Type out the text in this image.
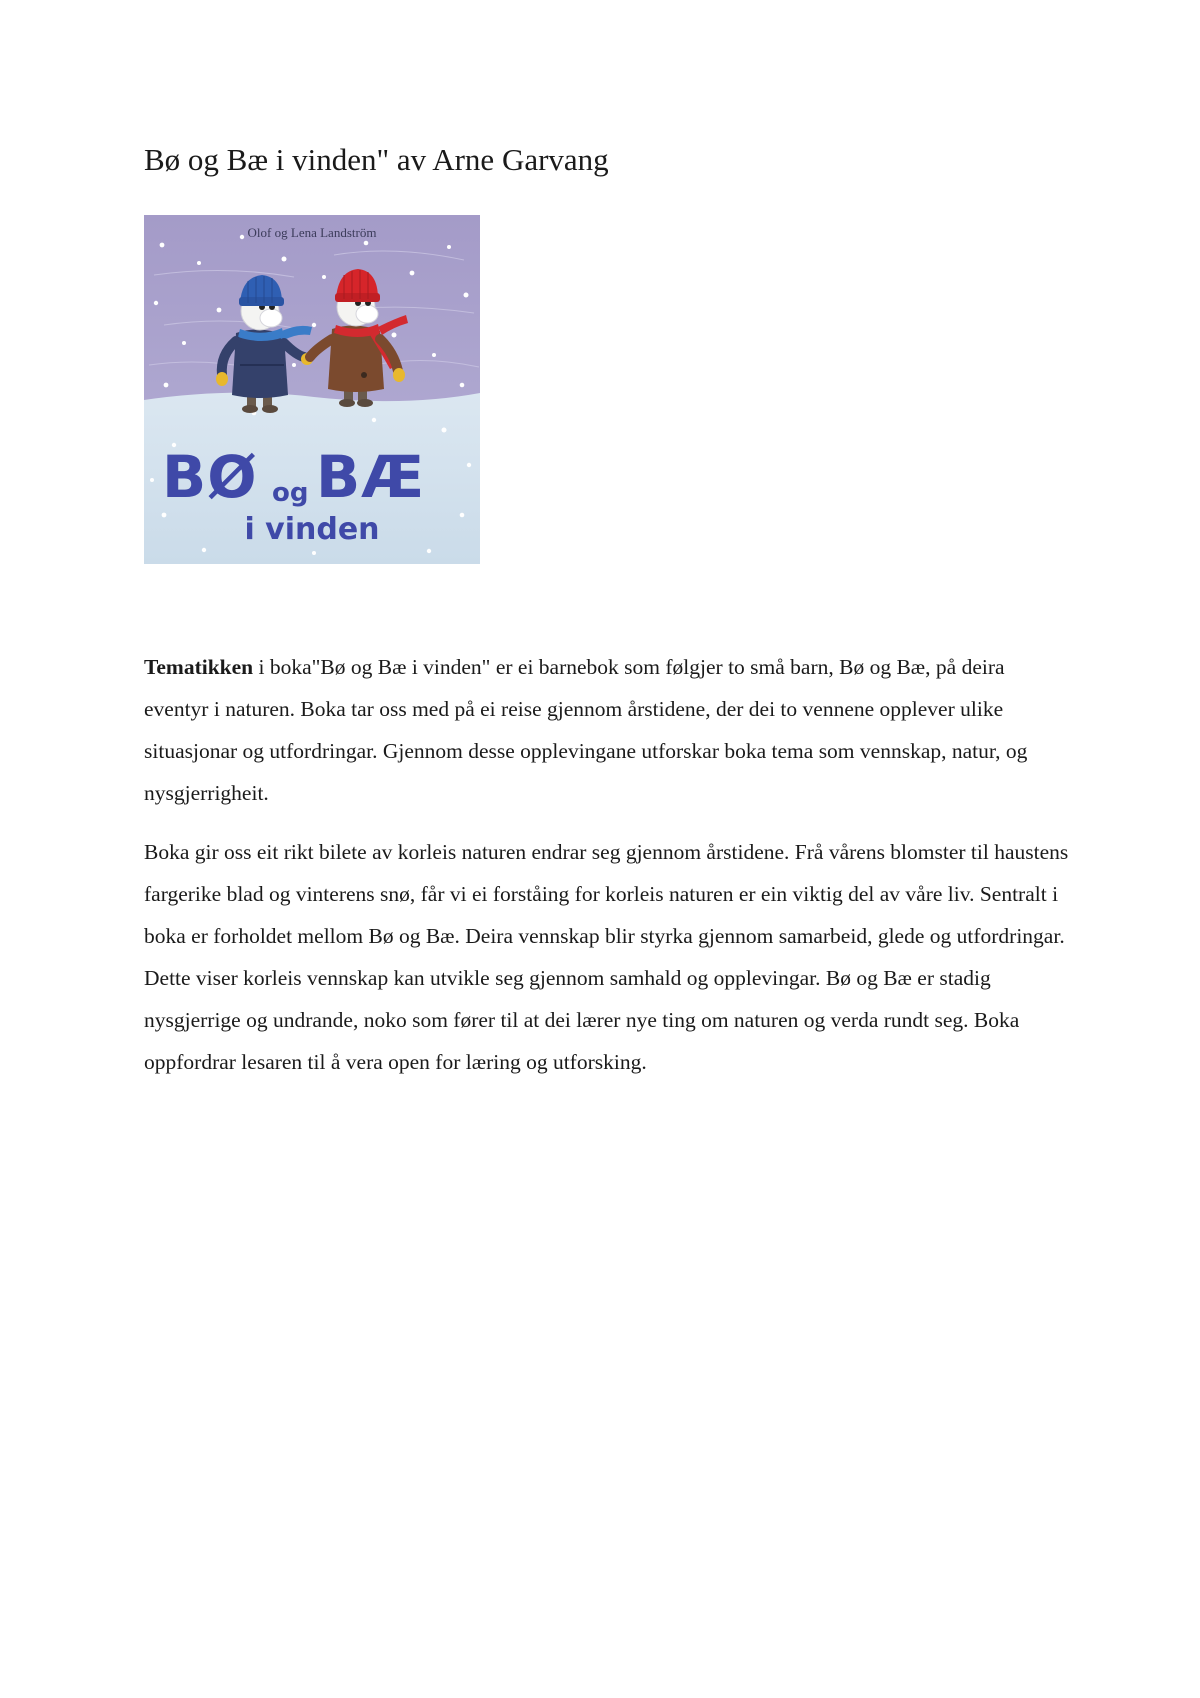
Bø og Bæ i vinden" av Arne Garvang
Olof og Lena Landström
BØ og BÆ
i vinden

Tematikken i boka"Bø og Bæ i vinden" er ei barnebok som følgjer to små barn, Bø og Bæ, på deira eventyr i naturen. Boka tar oss med på ei reise gjennom årstidene, der dei to vennene opplever ulike situasjonar og utfordringar. Gjennom desse opplevingane utforskar boka tema som vennskap, natur, og nysgjerrigheit.

Boka gir oss eit rikt bilete av korleis naturen endrar seg gjennom årstidene. Frå vårens blomster til haustens fargerike blad og vinterens snø, får vi ei forståing for korleis naturen er ein viktig del av våre liv. Sentralt i boka er forholdet mellom Bø og Bæ. Deira vennskap blir styrka gjennom samarbeid, glede og utfordringar. Dette viser korleis vennskap kan utvikle seg gjennom samhald og opplevingar. Bø og Bæ er stadig nysgjerrige og undrande, noko som fører til at dei lærer nye ting om naturen og verda rundt seg. Boka oppfordrar lesaren til å vera open for læring og utforsking.
